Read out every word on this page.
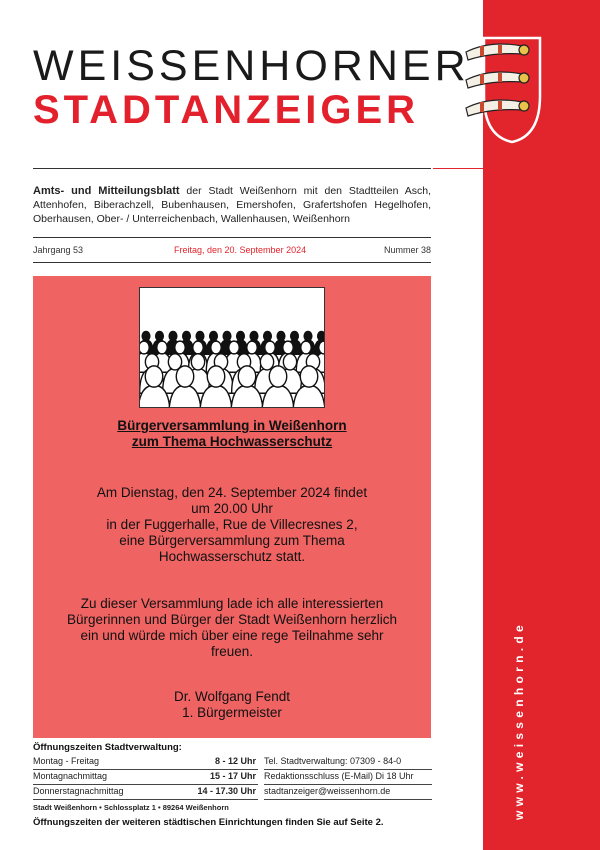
www.weissenhorn.de
WEISSENHORNER
STADTANZEIGER
Amts- und Mitteilungsblatt der Stadt Weißenhorn mit den Stadtteilen Asch, Attenhofen, Biberachzell, Bubenhausen, Emershofen, Grafertshofen Hegelhofen, Oberhausen, Ober- / Unterreichenbach, Wallenhausen, Weißenhorn
Jahrgang 53	Freitag, den 20. September 2024	Nummer 38
Bürgerversammlung in Weißenhorn
zum Thema Hochwasserschutz
Am Dienstag, den 24. September 2024 findet
um 20.00 Uhr
in der Fuggerhalle, Rue de Villecresnes 2,
eine Bürgerversammlung zum Thema
Hochwasserschutz statt.
Zu dieser Versammlung lade ich alle interessierten
Bürgerinnen und Bürger der Stadt Weißenhorn herzlich
ein und würde mich über eine rege Teilnahme sehr
freuen.
Dr. Wolfgang Fendt
1. Bürgermeister
Öffnungszeiten Stadtverwaltung:
Montag - Freitag	8 - 12 Uhr
Montagnachmittag	15 - 17 Uhr
Donnerstagnachmittag	14 - 17.30 Uhr
Tel. Stadtverwaltung: 07309 - 84-0
Redaktionsschluss (E-Mail) Di 18 Uhr
stadtanzeiger@weissenhorn.de
Stadt Weißenhorn • Schlossplatz 1 • 89264 Weißenhorn
Öffnungszeiten der weiteren städtischen Einrichtungen finden Sie auf Seite 2.
